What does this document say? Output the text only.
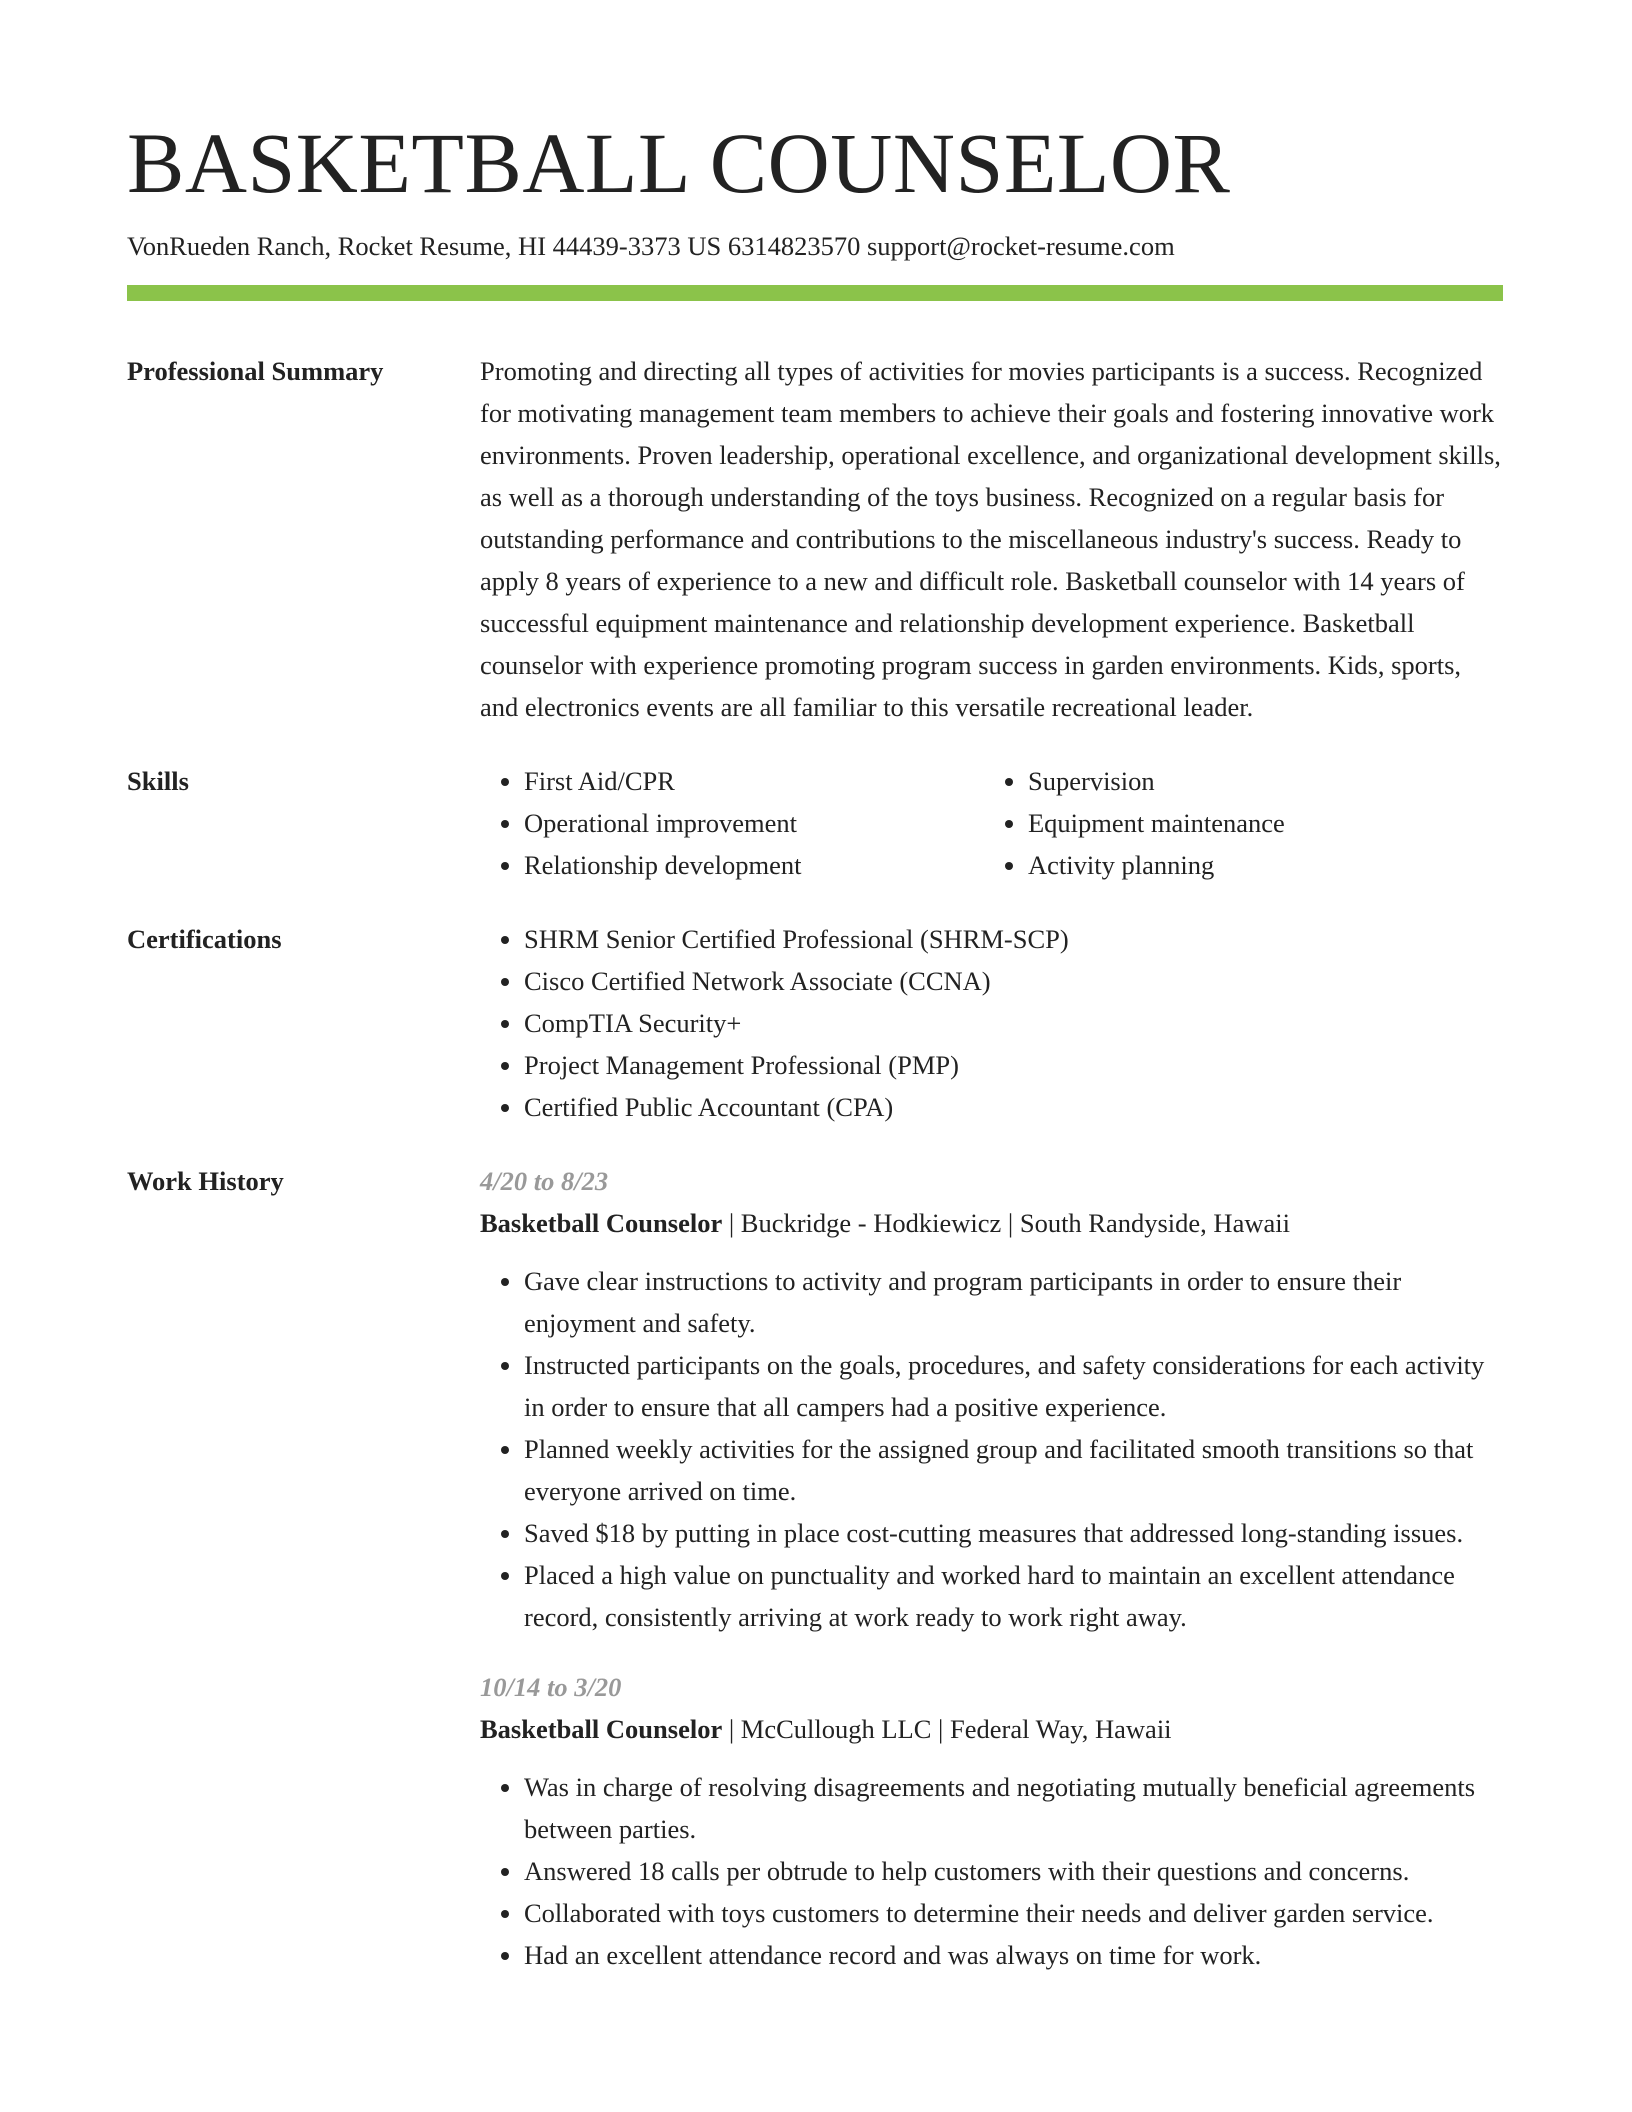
BASKETBALL COUNSELOR
VonRueden Ranch, Rocket Resume, HI 44439-3373 US 6314823570 support@rocket-resume.com
Professional Summary	Promoting and directing all types of activities for movies participants is a success. Recognized for motivating management team members to achieve their goals and fostering innovative work environments. Proven leadership, operational excellence, and organizational development skills, as well as a thorough understanding of the toys business. Recognized on a regular basis for outstanding performance and contributions to the miscellaneous industry's success. Ready to apply 8 years of experience to a new and difficult role. Basketball counselor with 14 years of successful equipment maintenance and relationship development experience. Basketball counselor with experience promoting program success in garden environments. Kids, sports, and electronics events are all familiar to this versatile recreational leader.

Skills	• First Aid/CPR
• Operational improvement
• Relationship development
• Supervision
• Equipment maintenance
• Activity planning
Certifications	• SHRM Senior Certified Professional (SHRM-SCP)
• Cisco Certified Network Associate (CCNA)
• CompTIA Security+
• Project Management Professional (PMP)
• Certified Public Accountant (CPA)
Work History	4/20 to 8/23
Basketball Counselor | Buckridge - Hodkiewicz | South Randyside, Hawaii
• Gave clear instructions to activity and program participants in order to ensure their enjoyment and safety.
• Instructed participants on the goals, procedures, and safety considerations for each activity in order to ensure that all campers had a positive experience.
• Planned weekly activities for the assigned group and facilitated smooth transitions so that everyone arrived on time.
• Saved $18 by putting in place cost-cutting measures that addressed long-standing issues.
• Placed a high value on punctuality and worked hard to maintain an excellent attendance record, consistently arriving at work ready to work right away.
10/14 to 3/20
Basketball Counselor | McCullough LLC | Federal Way, Hawaii
• Was in charge of resolving disagreements and negotiating mutually beneficial agreements between parties.
• Answered 18 calls per obtrude to help customers with their questions and concerns.
• Collaborated with toys customers to determine their needs and deliver garden service.
• Had an excellent attendance record and was always on time for work.
